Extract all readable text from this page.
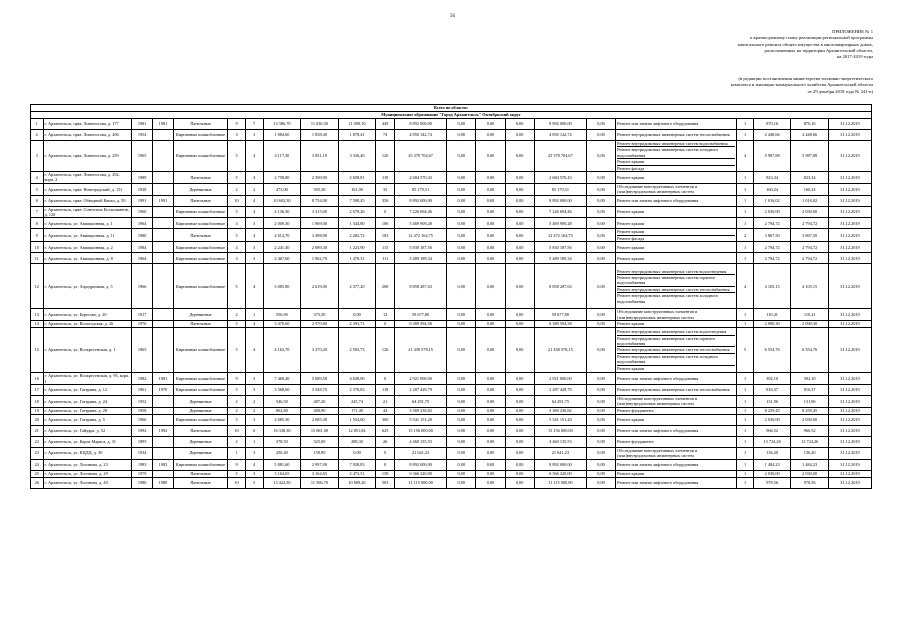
56
ПРИЛОЖЕНИЕ № 1
к краткосрочному плану реализации региональной программы
капитального ремонта общего имущества в многоквартирных домах,
расположенных на территории Архангельской области,
на 2017-2019 годы
(в редакции постановления министерства топливно-энергетического
комплекса и жилищно-коммунального хозяйства Архангельской области
от 29 декабря 2018 года № 241-п)
Всего по области:																					
Муниципальное образование "Город Архангельск" Октябрьский округ																					
1	г. Архангельск, пркт. Ломоносова, д. 177	1981	1981	Панельные	9	7	13 386,70	11 030,30	11 000,10	449	8 892 000,00	0,00	0,00	0,00	8 892 000,00	0,00	Ремонт или замена лифтового оборудования	1	870,16	870,16	31.12.2019
2	г. Архангельск, пркт. Ломоносова, д. 206	1954		Кирпичные шлакоблочные	3	3	1 884,60	1 838,40	1 878,41	74	4 850 142,74	0,00	0,00	0,00	4 850 142,74	0,00	Ремонт внутридомовых инженерных систем теплоснабжения	1	2 448,66	2 448,66	31.12.2019
3	г. Архангельск, пркт. Ломоносова, д. 259	1965		Кирпичные шлакоблочные	5	4	4 117,30	3 851,10	3 336,40	120	25 378 704,67	0,00	0,00	0,00	25 378 704,67	0,00	Ремонт внутридомовых инженерных систем водоснабжения
Ремонт внутридомовых инженерных систем холодного водоснабжения
Ремонт крыши
Ремонт фасада	4	5 987,88	5 987,88	31.12.2019
4	г. Архангельск, пркт. Ломоносова, д. 292, корп. 2	1989		Панельные	5	4	2 758,80	2 390,90	2 658,81	118	2 684 570,43	0,00	0,00	0,00	2 684 570,43	0,00	Ремонт крыши	1	823,34	823,34	31.12.2019
5	г. Архангельск, пркт. Новгородский, д. 151	1938		Деревянные	2	2	473,00	395,30	161,00	35	85 179,51	0,00	0,00	0,00	85 179,51	0,00	Обследование конструктивных элементов и (или)внутридомовых инженерных систем	1	160,24	160,24	31.12.2019
6	г. Архангельск, пркт. Обводный Канал, д. 50	1991	1991	Панельные	10	4	10 602,30	8 754,00	7 508,45	356	8 892 000,00	0,00	0,00	0,00	8 892 000,00	0,00	Ремонт или замена лифтового оборудования	1	1 016,02	1 016,02	31.12.2019
7	г. Архангельск, пркт. Советских Космонавтов, д. 120	1960		Кирпичные шлакоблочные	5	4	4 136,30	3 315,00	2 678,26	0	7 226 694,46	0,00	0,00	0,00	7 226 694,46	0,00	Ремонт крыши	1	2 030,00	2 030,00	31.12.2019
8	г. Архангельск, ул. Авиационная, д. 1	1964		Кирпичные шлакоблочные	3	3	2 009,30	1 969,00	1 344,80	106	5 469 909,28	0,00	0,00	0,00	5 469 909,28	0,00	Ремонт крыши	1	2 794,72	2 794,72	31.12.2019
9	г. Архангельск, ул. Авиационная, д. 11	1980		Панельные	5	4	4 614,70	3 498,90	2 282,72	183	12 472 164,75	0,00	0,00	0,00	12 472 164,75	0,00	Ремонт крыши
Ремонт фасада	2	3 867,50	3 867,50	31.12.2019
10	г. Архангельск, ул. Авиационная, д. 2	1984		Кирпичные шлакоблочные	4	3	2 241,40	2 089,30	1 223,90	115	5 830 187,56	0,00	0,00	0,00	5 830 187,56	0,00	Ремонт крыши	1	2 794,72	2 794,72	31.12.2019
11	г. Архангельск, ул. Авиационная, д. 8	1964		Кирпичные шлакоблочные	3	3	2 467,60	1 962,70	1 478,31	111	5 489 189,34	0,00	0,00	0,00	5 489 189,34	0,00	Ремонт крыши	1	2 794,72	2 794,72	31.12.2019
12	г. Архангельск, ул. Аэродромная, д. 5	1966		Кирпичные шлакоблочные	5	4	3 085,80	2 619,00	2 377,20	208	8 858 287,63	0,00	0,00	0,00	8 858 287,63	0,00	Ремонт внутридомовых инженерных систем водоотведения
Ремонт внутридомовых инженерных систем горячего водоснабжения
Ремонт внутридомовых инженерных систем теплоснабжения
Ремонт внутридомовых инженерных систем холодного водоснабжения	4	4 105,15	4 105,15	31.12.2019
13	г. Архангельск, ул. Берегова, д. 20	1917		Деревянные	2	1	556,90	375,30	0,00	12	59 677,80	0,00	0,00	0,00	59 677,80	0,00	Обследование конструктивных элементов и (или)внутридомовых инженерных систем	1	110,41	110,41	31.12.2019
14	г. Архангельск, ул. Вологодская, д. 26	1976		Панельные	5	4	3 470,60	2 970,80	2 393,71	0	6 389 594,58	0,00	0,00	0,00	6 389 594,58	0,00	Ремонт крыши	1	2 090,30	2 090,30	31.12.2019
15	г. Архангельск, ул. Воскресенская, д. 1	1965		Кирпичные шлакоблочные	5	4	4 163,70	3 270,20	2 583,73	126	21 438 578,15	0,00	0,00	0,00	21 438 578,15	0,00	Ремонт внутридомовых инженерных систем водоотведения
Ремонт внутридомовых инженерных систем горячего водоснабжения
Ремонт внутридомовых инженерных систем теплоснабжения
Ремонт внутридомовых инженерных систем холодного водоснабжения
Ремонт крыши	5	6 554,76	6 554,76	31.12.2019
16	г. Архангельск, ул. Воскресенская, д. 95, корп. 1	1982	1981	Кирпичные шлакоблочные	9	3	7 460,40	5 689,50	4 630,00	0	2 921 000,00	0,00	0,00	0,00	2 921 000,00	0,00	Ремонт или замена лифтового оборудования	1	392,10	392,10	31.12.2019
17	г. Архангельск, ул. Гагарина, д. 12	1961	1970	Кирпичные шлакоблочные	5	3	3 568,60	3 348,70	2 378,83	118	2 287 428,79	0,00	0,00	0,00	2 287 428,79	0,00	Ремонт внутридомовых инженерных систем теплоснабжения	1	816,37	816,37	31.12.2019
18	г. Архангельск, ул. Гагарина, д. 24	1952		Деревянные	2	2	546,50	487,20	245,74	21	64 291,75	0,00	0,00	0,00	64 291,75	0,00	Обследование конструктивных элементов и (или)внутридомовых инженерных систем	1	131,96	131,96	31.12.2019
19	г. Архангельск, ул. Гагарина, д. 28	1958		Деревянные	2	2	862,60	400,90	171,40	44	3 369 236,82	0,00	0,00	0,00	3 369 236,82	0,00	Ремонт фундамента	1	8 259,45	8 259,45	31.12.2019
20	г. Архангельск, ул. Гагарина, д. 5	1966		Кирпичные шлакоблочные	5	3	2 685,30	2 685,30	1 554,00	300	5 541 151,20	0,00	0,00	0,00	5 541 151,20	0,00	Ремонт крыши	1	2 030,00	2 030,00	31.12.2019
21	г. Архангельск, ул. Гайдара, д. 52	1992	1992	Панельные	10	6	16 338,30	15 681,00	12 851,84	625	15 156 000,00	0,00	0,00	0,00	15 156 000,00	0,00	Ремонт или замена лифтового оборудования	1	966,52	966,52	31.12.2019
22	г. Архангельск, ул. Карла Маркса, д. 31	1895		Деревянные	2	1	378,50	325,00	288,30	26	4 460 135,53	0,00	0,00	0,00	4 460 135,53	0,00	Ремонт фундамента	1	13 724,26	13 724,26	31.12.2019
23	г. Архангельск, ул. КЦДЦ, д. 30	1934		Деревянные	1	3	250,40	158,90	0,00	0	21 641,23	0,00	0,00	0,00	21 641,23	0,00	Обследование конструктивных элементов и (или)внутридомовых инженерных систем	1	136,20	136,20	31.12.2019
24	г. Архангельск, ул. Логинова, д. 23	1983	1983	Кирпичные шлакоблочные	9	4	5 881,60	2 997,00	7 928,83	0	8 892 000,00	0,00	0,00	0,00	8 892 000,00	0,00	Ремонт или замена лифтового оборудования	1	1 484,23	1 484,23	31.12.2019
25	г. Архангельск, ул. Логинова, д. 29	1979		Панельные	5	3	3 164,65	3 164,65	2 473,51	158	6 366 320,00	0,00	0,00	0,00	6 366 320,00	0,00	Ремонт крыши	1	2 030,00	2 030,00	31.12.2019
26	г. Архангельск, ул. Логинова, д. 40	1980	1980	Панельные	10	5	13 422,30	11 566,70	10 609,26	503	11 115 000,00	0,00	0,00	0,00	11 115 000,00	0,00	Ремонт или замена лифтового оборудования	1	978,56	978,56	31.12.2019
